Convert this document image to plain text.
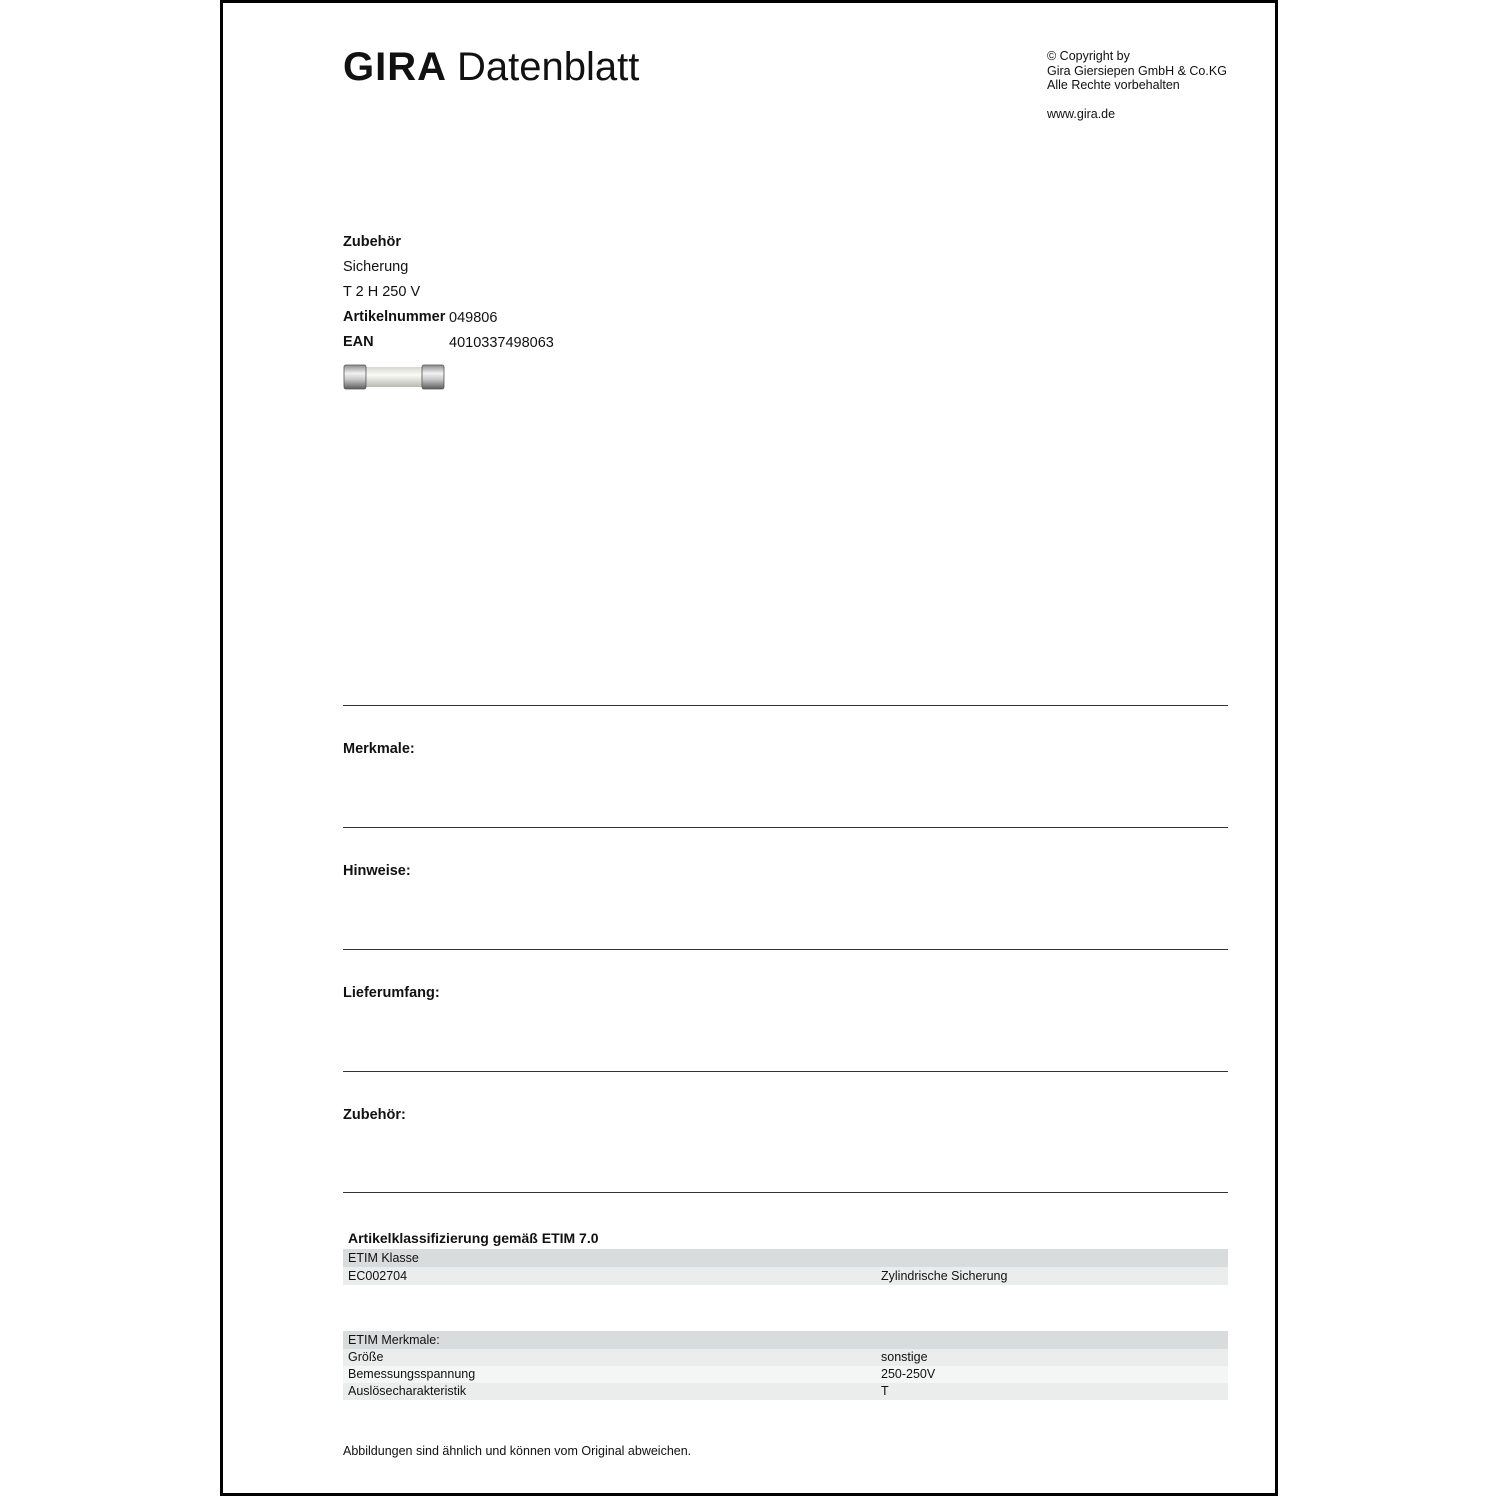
GIRA Datenblatt	© Copyright by
Gira Giersiepen GmbH & Co.KG
Alle Rechte vorbehalten
www.gira.de
Zubehör
Sicherung
T 2 H 250 V
Artikelnummer 049806
EAN	4010337498063
Merkmale:
Hinweise:
Lieferumfang:
Zubehör:
Artikelklassifizierung gemäß ETIM 7.0
ETIM Klasse
EC002704	Zylindrische Sicherung
ETIM Merkmale:
Größe	sonstige
Bemessungsspannung	250-250V
Auslösecharakteristik	T
Abbildungen sind ähnlich und können vom Original abweichen.
